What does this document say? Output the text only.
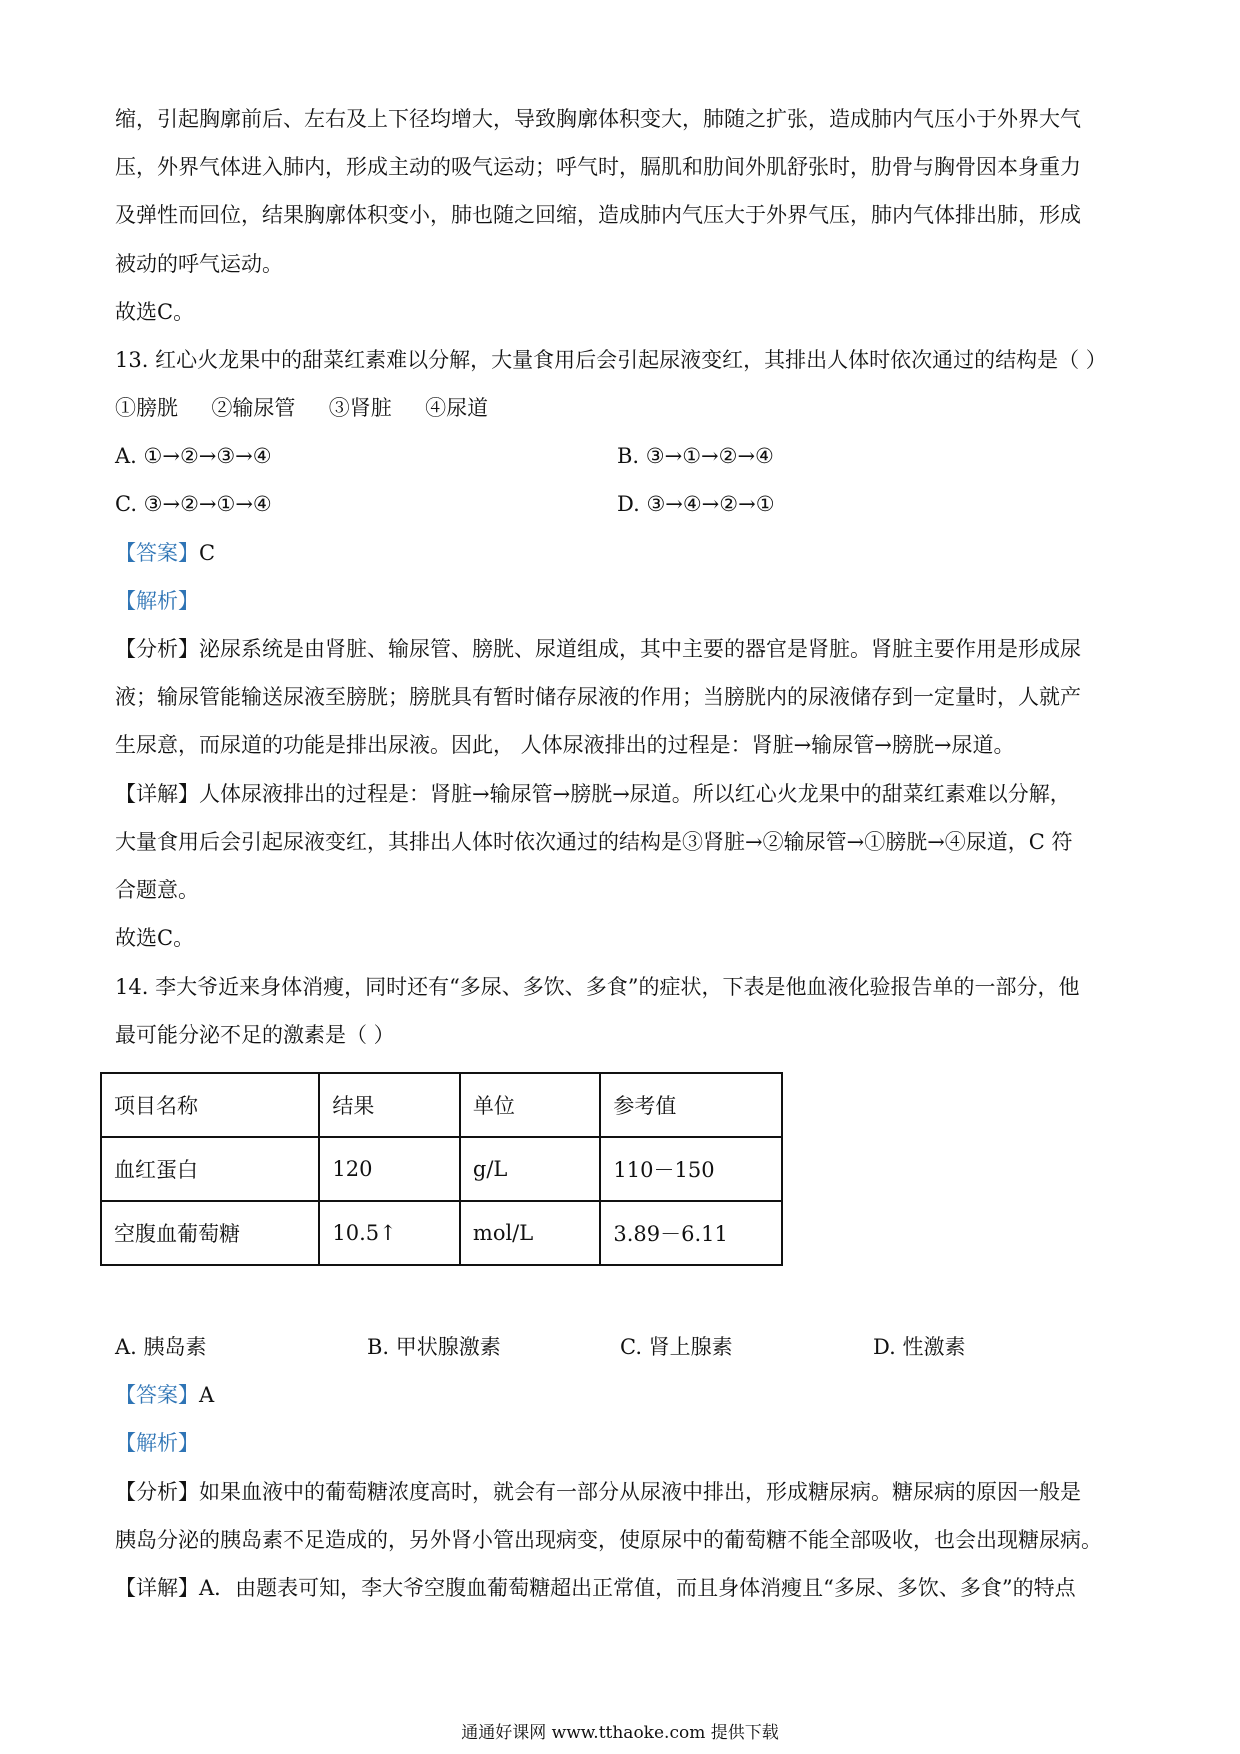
缩，引起胸廓前后、左右及上下径均增大，导致胸廓体积变大，肺随之扩张，造成肺内气压小于外界大气
压，外界气体进入肺内，形成主动的吸气运动；呼气时，膈肌和肋间外肌舒张时，肋骨与胸骨因本身重力
及弹性而回位，结果胸廓体积变小，肺也随之回缩，造成肺内气压大于外界气压，肺内气体排出肺，形成
被动的呼气运动。
故选C。
13. 红心火龙果中的甜菜红素难以分解，大量食用后会引起尿液变红，其排出人体时依次通过的结构是（ ）
①膀胱     ②输尿管     ③肾脏     ④尿道
A. ①→②→③→④	B. ③→①→②→④
C. ③→②→①→④	D. ③→④→②→①
【答案】C
【解析】
【分析】泌尿系统是由肾脏、输尿管、膀胱、尿道组成，其中主要的器官是肾脏。肾脏主要作用是形成尿
液；输尿管能输送尿液至膀胱；膀胱具有暂时储存尿液的作用；当膀胱内的尿液储存到一定量时，人就产
生尿意，而尿道的功能是排出尿液。因此， 人体尿液排出的过程是：肾脏→输尿管→膀胱→尿道。
【详解】人体尿液排出的过程是：肾脏→输尿管→膀胱→尿道。所以红心火龙果中的甜菜红素难以分解，
大量食用后会引起尿液变红，其排出人体时依次通过的结构是③肾脏→②输尿管→①膀胱→④尿道，C 符
合题意。
故选C。
14. 李大爷近来身体消瘦，同时还有“多尿、多饮、多食”的症状，下表是他血液化验报告单的一部分，他
最可能分泌不足的激素是（ ）
项目名称	结果	单位	参考值
血红蛋白	120	g/L	110－150
空腹血葡萄糖	10.5↑	mol/L	3.89－6.11
A. 胰岛素	B. 甲状腺激素	C. 肾上腺素	D. 性激素
【答案】A
【解析】
【分析】如果血液中的葡萄糖浓度高时，就会有一部分从尿液中排出，形成糖尿病。糖尿病的原因一般是
胰岛分泌的胰岛素不足造成的，另外肾小管出现病变，使原尿中的葡萄糖不能全部吸收，也会出现糖尿病。
【详解】A．由题表可知，李大爷空腹血葡萄糖超出正常值，而且身体消瘦且“多尿、多饮、多食”的特点
通通好课网 www.tthaoke.com 提供下载
